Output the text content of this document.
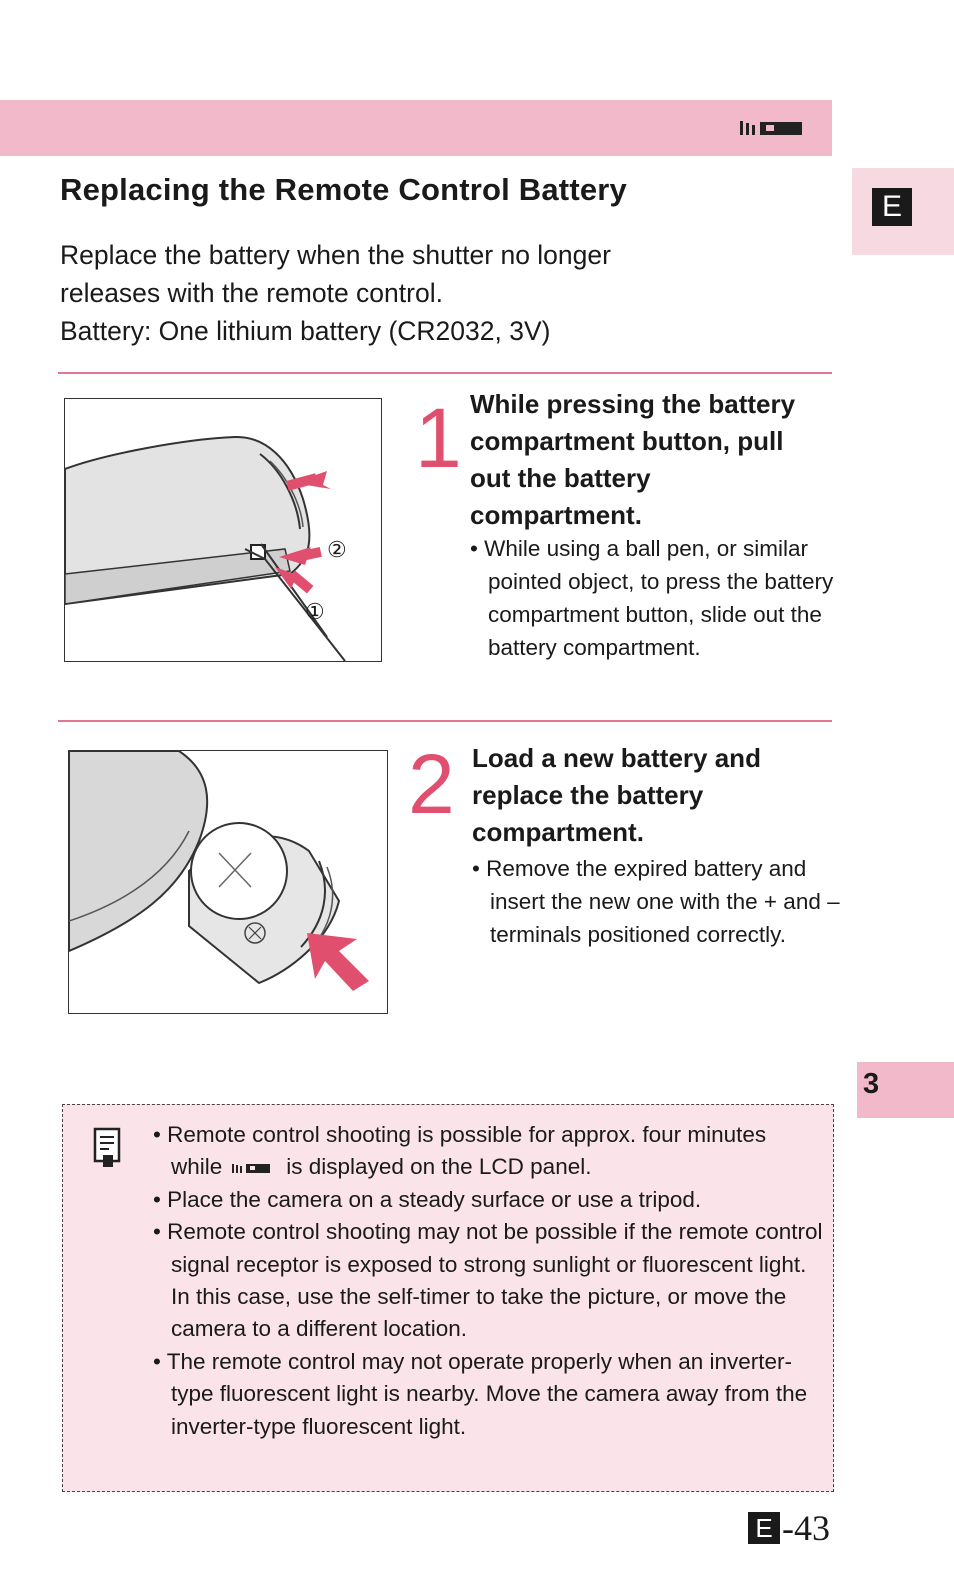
E
Replacing the Remote Control Battery
Replace the battery when the shutter no longer
releases with the remote control.
Battery: One lithium battery (CR2032, 3V)
②
①
1 While pressing the battery compartment button, pull out the battery compartment.

• While using a ball pen, or similar pointed object, to press the battery compartment button, slide out the battery compartment.

2 Load a new battery and replace the battery compartment.

• Remove the expired battery and insert the new one with the + and – terminals positioned correctly.

3
• Remote control shooting is possible for approx. four minutes while	is displayed on the LCD panel.
• Place the camera on a steady surface or use a tripod.
• Remote control shooting may not be possible if the remote control signal receptor is exposed to strong sunlight or fluorescent light. In this case, use the self-timer to take the picture, or move the camera to a different location.
• The remote control may not operate properly when an inverter-type fluorescent light is nearby. Move the camera away from the inverter-type fluorescent light.
E -43
